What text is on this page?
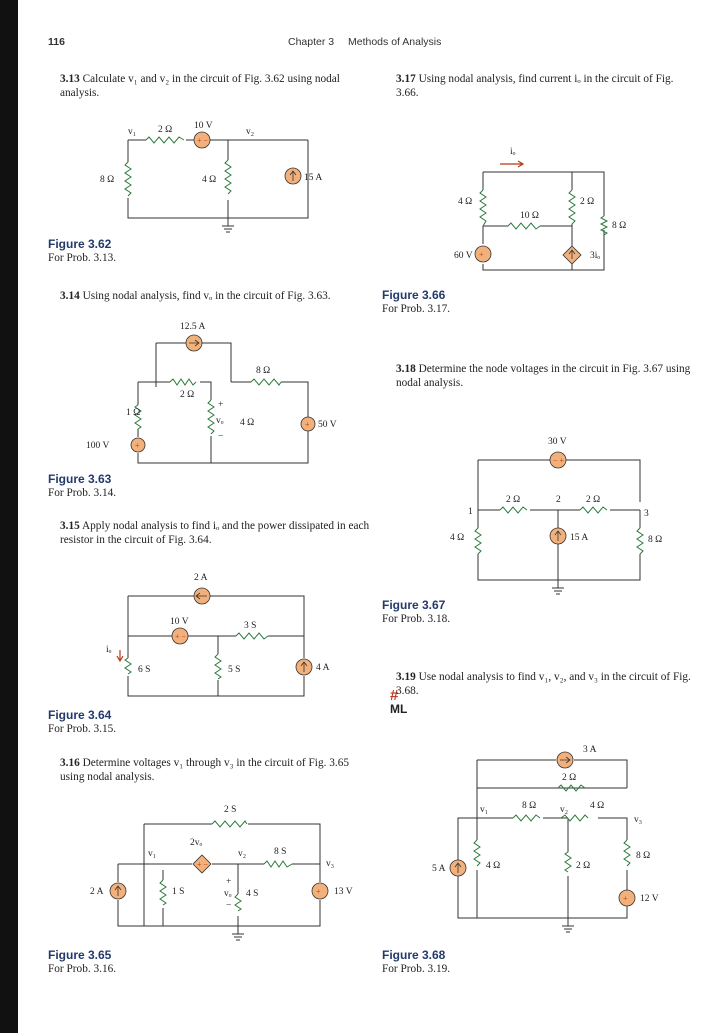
116	Chapter 3 Methods of Analysis
3.13 Calculate v₁ and v₂ in the circuit of Fig. 3.62 using nodal analysis.
+ −
v₁ 2 Ω 10 V
v₂
8 Ω	4 Ω	15 A
Figure 3.62
For Prob. 3.13.
3.14 Using nodal analysis, find vₒ in the circuit of Fig. 3.63.
+
+
12.5 A
8 Ω
2 Ω
+
1 Ω
vₒ 4 Ω	50 V
−
100 V
Figure 3.63
For Prob. 3.14.
3.15 Apply nodal analysis to find iₒ and the power dissipated in each resistor in the circuit of Fig. 3.64.
+ −
2 A
10 V	3 S
iₒ
6 S	5 S	4 A
Figure 3.64
For Prob. 3.15.
3.16 Determine voltages v₁ through v₃ in the circuit of Fig. 3.65 using nodal analysis.
+ −
+
2 S
2vₒ
v₁	v₂	8 S
v₃
+
2 A	1 S	vₒ 4 S	13 V
−
Figure 3.65
For Prob. 3.16.
3.17 Using nodal analysis, find current iₒ in the circuit of Fig. 3.66.
+
iₒ
4 Ω	2 Ω
10 Ω
8 Ω
60 V	3iₒ
Figure 3.66
For Prob. 3.17.
3.18 Determine the node voltages in the circuit in Fig. 3.67 using nodal analysis.
− +
30 V
2 Ω	2	2 Ω
1	3
4 Ω	15 A	8 Ω
Figure 3.67
For Prob. 3.18.
#
ML
3.19 Use nodal analysis to find v₁, v₂, and v₃ in the circuit of Fig. 3.68.
+
3 A
2 Ω
v₁	8 Ω	v₂ 4 Ω
v₃
8 Ω
5 A	4 Ω	2 Ω
12 V
Figure 3.68
For Prob. 3.19.
